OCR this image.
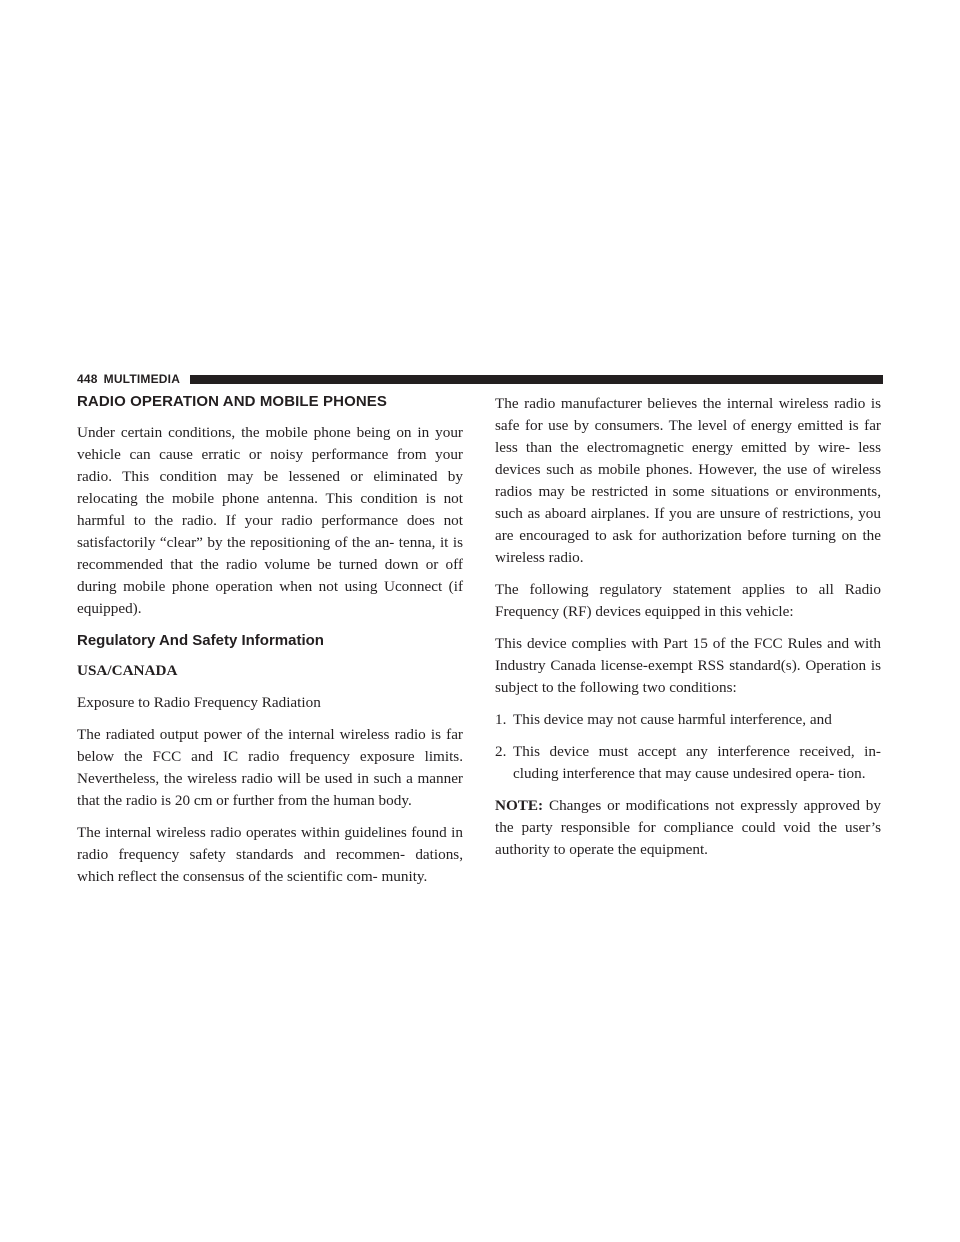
448 MULTIMEDIA
RADIO OPERATION AND MOBILE PHONES

Under certain conditions, the mobile phone being on in your vehicle can cause erratic or noisy performance from your radio. This condition may be lessened or eliminated by relocating the mobile phone antenna. This condition is not harmful to the radio. If your radio performance does not satisfactorily “clear” by the repositioning of the an- tenna, it is recommended that the radio volume be turned down or off during mobile phone operation when not using Uconnect (if equipped).

Regulatory And Safety Information

USA/CANADA

Exposure to Radio Frequency Radiation

The radiated output power of the internal wireless radio is far below the FCC and IC radio frequency exposure limits. Nevertheless, the wireless radio will be used in such a manner that the radio is 20 cm or further from the human body.

The internal wireless radio operates within guidelines found in radio frequency safety standards and recommen- dations, which reflect the consensus of the scientific com- munity.

The radio manufacturer believes the internal wireless radio is safe for use by consumers. The level of energy emitted is far less than the electromagnetic energy emitted by wire- less devices such as mobile phones. However, the use of wireless radios may be restricted in some situations or environments, such as aboard airplanes. If you are unsure of restrictions, you are encouraged to ask for authorization before turning on the wireless radio.

The following regulatory statement applies to all Radio Frequency (RF) devices equipped in this vehicle:

This device complies with Part 15 of the FCC Rules and with Industry Canada license-exempt RSS standard(s). Operation is subject to the following two conditions:

1. This device may not cause harmful interference, and
2. This device must accept any interference received, in- cluding interference that may cause undesired opera- tion.

NOTE: Changes or modifications not expressly approved by the party responsible for compliance could void the user’s authority to operate the equipment.
